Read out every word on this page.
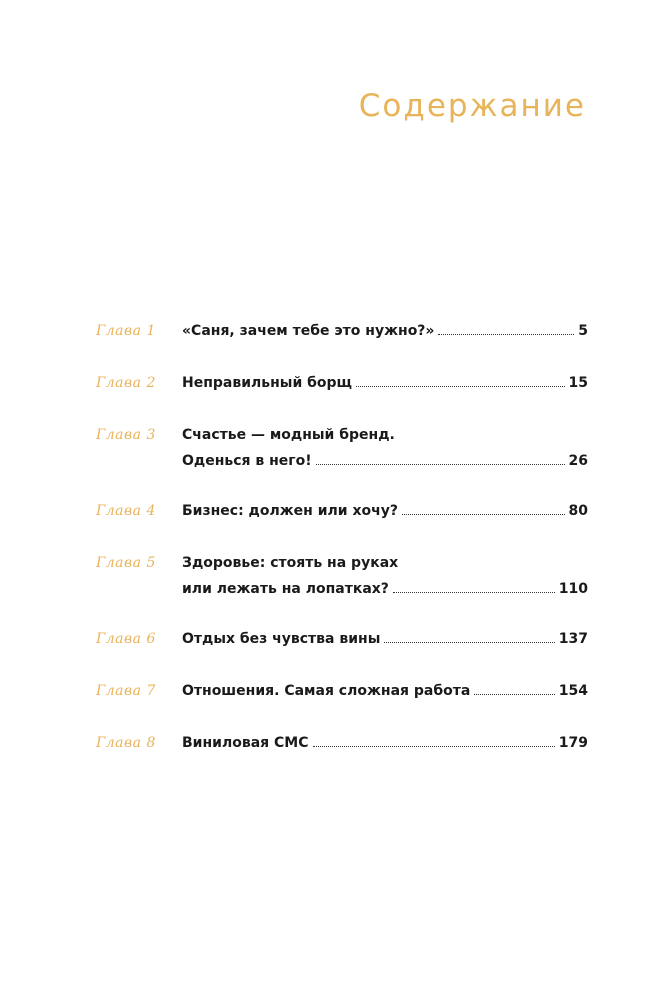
Содержание
Глава 1	«Саня, зачем тебе это нужно?»	5
Глава 2	Неправильный борщ	15
Глава 3	Счастье — модный бренд.
Оденься в него!	26
Глава 4	Бизнес: должен или хочу?	80
Глава 5	Здоровье: стоять на руках
или лежать на лопатках?	110
Глава 6	Отдых без чувства вины	137
Глава 7	Отношения. Самая сложная работа	154
Глава 8	Виниловая СМС	179
